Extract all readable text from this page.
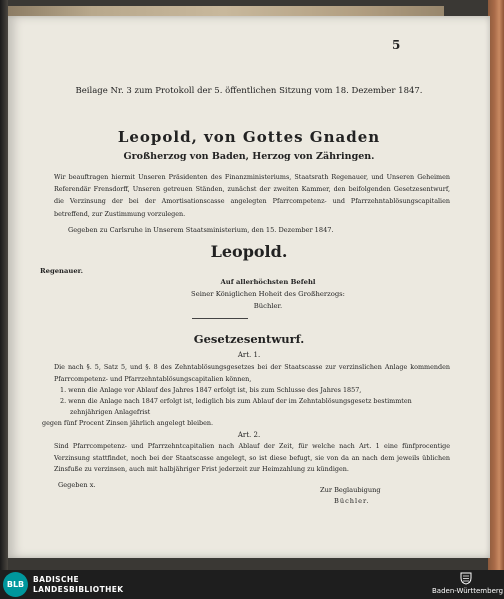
5
Beilage Nr. 3 zum Protokoll der 5. öffentlichen Sitzung vom 18. Dezember 1847.
Leopold, von Gottes Gnaden
Großherzog von Baden, Herzog von Zähringen.
Wir beauftragen hiermit Unseren Präsidenten des Finanzministeriums, Staatsrath Regenauer, und Unseren Geheimen Referendär Frensdorff, Unseren getreuen Ständen, zunächst der zweiten Kammer, den beifolgenden Gesetzesentwurf, die Verzinsung der bei der Amortisationscasse angelegten Pfarrcompetenz- und Pfarrzehntablösungscapitalien betreffend, zur Zustimmung vorzulegen.
Gegeben zu Carlsruhe in Unserem Staatsministerium, den 15. Dezember 1847.
Leopold.
Regenauer.
Auf allerhöchsten Befehl
Seiner Königlichen Hoheit des Großherzogs:
Büchler.
Gesetzesentwurf.
Art. 1.
Die nach §. 5, Satz 5, und §. 8 des Zehntablösungsgesetzes bei der Staatscasse zur verzinslichen Anlage kommenden Pfarrcompetenz- und Pfarrzehntablösungscapitalien können,
1. wenn die Anlage vor Ablauf des Jahres 1847 erfolgt ist, bis zum Schlusse des Jahres 1857,
2. wenn die Anlage nach 1847 erfolgt ist, lediglich bis zum Ablauf der im Zehntablösungsgesetz bestimmten
zehnjährigen Anlagefrist
gegen fünf Procent Zinsen jährlich angelegt bleiben.
Art. 2.
Sind Pfarrcompetenz- und Pfarrzehntcapitalien nach Ablauf der Zeit, für welche nach Art. 1 eine fünfprocentige Verzinsung stattfindet, noch bei der Staatscasse angelegt, so ist diese befugt, sie von da an nach dem jeweils üblichen Zinsfuße zu verzinsen, auch mit halbjähriger Frist jederzeit zur Heimzahlung zu kündigen.
Gegeben x.
Zur Beglaubigung
Büchler.
BLB
BADISCHE
LANDESBIBLIOTHEK	Baden-Württemberg
